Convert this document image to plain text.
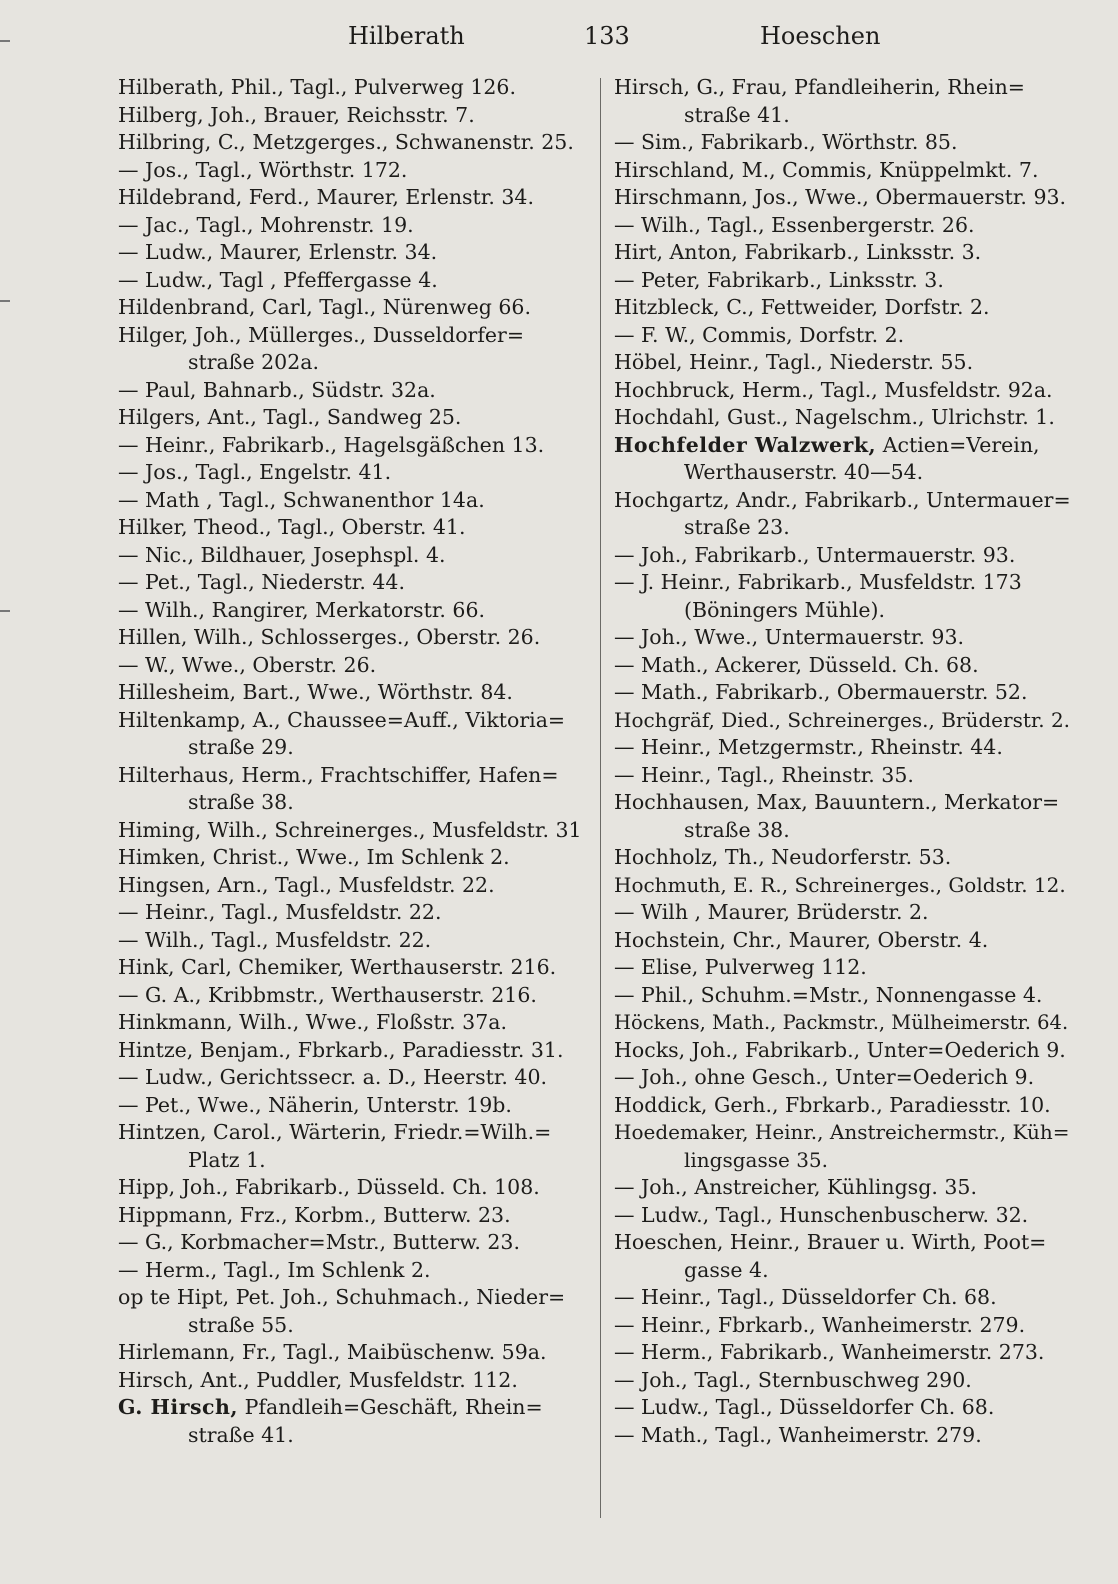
Hilberath	133	Hoeschen
Hilberath, Phil., Tagl., Pulverweg 126.
Hilberg, Joh., Brauer, Reichsstr. 7.
Hilbring, C., Metzgerges., Schwanenstr. 25.
— Jos., Tagl., Wörthstr. 172.
Hildebrand, Ferd., Maurer, Erlenstr. 34.
— Jac., Tagl., Mohrenstr. 19.
— Ludw., Maurer, Erlenstr. 34.
— Ludw., Tagl , Pfeffergasse 4.
Hildenbrand, Carl, Tagl., Nürenweg 66.
Hilger, Joh., Müllerges., Dusseldorfer=
straße 202a.
— Paul, Bahnarb., Südstr. 32a.
Hilgers, Ant., Tagl., Sandweg 25.
— Heinr., Fabrikarb., Hagelsgäßchen 13.
— Jos., Tagl., Engelstr. 41.
— Math , Tagl., Schwanenthor 14a.
Hilker, Theod., Tagl., Oberstr. 41.
— Nic., Bildhauer, Josephspl. 4.
— Pet., Tagl., Niederstr. 44.
— Wilh., Rangirer, Merkatorstr. 66.
Hillen, Wilh., Schlosserges., Oberstr. 26.
— W., Wwe., Oberstr. 26.
Hillesheim, Bart., Wwe., Wörthstr. 84.
Hiltenkamp, A., Chaussee=Auff., Viktoria=
straße 29.
Hilterhaus, Herm., Frachtschiffer, Hafen=
straße 38.
Himing, Wilh., Schreinerges., Musfeldstr. 31
Himken, Christ., Wwe., Im Schlenk 2.
Hingsen, Arn., Tagl., Musfeldstr. 22.
— Heinr., Tagl., Musfeldstr. 22.
— Wilh., Tagl., Musfeldstr. 22.
Hink, Carl, Chemiker, Werthauserstr. 216.
— G. A., Kribbmstr., Werthauserstr. 216.
Hinkmann, Wilh., Wwe., Floßstr. 37a.
Hintze, Benjam., Fbrkarb., Paradiesstr. 31.
— Ludw., Gerichtssecr. a. D., Heerstr. 40.
— Pet., Wwe., Näherin, Unterstr. 19b.
Hintzen, Carol., Wärterin, Friedr.=Wilh.=
Platz 1.
Hipp, Joh., Fabrikarb., Düsseld. Ch. 108.
Hippmann, Frz., Korbm., Butterw. 23.
— G., Korbmacher=Mstr., Butterw. 23.
— Herm., Tagl., Im Schlenk 2.
op te Hipt, Pet. Joh., Schuhmach., Nieder=
straße 55.
Hirlemann, Fr., Tagl., Maibüschenw. 59a.
Hirsch, Ant., Puddler, Musfeldstr. 112.
G. Hirsch, Pfandleih=Geschäft, Rhein=
straße 41.
Hirsch, G., Frau, Pfandleiherin, Rhein=
straße 41.
— Sim., Fabrikarb., Wörthstr. 85.
Hirschland, M., Commis, Knüppelmkt. 7.
Hirschmann, Jos., Wwe., Obermauerstr. 93.
— Wilh., Tagl., Essenbergerstr. 26.
Hirt, Anton, Fabrikarb., Linksstr. 3.
— Peter, Fabrikarb., Linksstr. 3.
Hitzbleck, C., Fettweider, Dorfstr. 2.
— F. W., Commis, Dorfstr. 2.
Höbel, Heinr., Tagl., Niederstr. 55.
Hochbruck, Herm., Tagl., Musfeldstr. 92a.
Hochdahl, Gust., Nagelschm., Ulrichstr. 1.
Hochfelder Walzwerk, Actien=Verein,
Werthauserstr. 40—54.
Hochgartz, Andr., Fabrikarb., Untermauer=
straße 23.
— Joh., Fabrikarb., Untermauerstr. 93.
— J. Heinr., Fabrikarb., Musfeldstr. 173
(Böningers Mühle).
— Joh., Wwe., Untermauerstr. 93.
— Math., Ackerer, Düsseld. Ch. 68.
— Math., Fabrikarb., Obermauerstr. 52.
Hochgräf, Died., Schreinerges., Brüderstr. 2.
— Heinr., Metzgermstr., Rheinstr. 44.
— Heinr., Tagl., Rheinstr. 35.
Hochhausen, Max, Bauuntern., Merkator=
straße 38.
Hochholz, Th., Neudorferstr. 53.
Hochmuth, E. R., Schreinerges., Goldstr. 12.
— Wilh , Maurer, Brüderstr. 2.
Hochstein, Chr., Maurer, Oberstr. 4.
— Elise, Pulverweg 112.
— Phil., Schuhm.=Mstr., Nonnengasse 4.
Höckens, Math., Packmstr., Mülheimerstr. 64.
Hocks, Joh., Fabrikarb., Unter=Oederich 9.
— Joh., ohne Gesch., Unter=Oederich 9.
Hoddick, Gerh., Fbrkarb., Paradiesstr. 10.
Hoedemaker, Heinr., Anstreichermstr., Küh=
lingsgasse 35.
— Joh., Anstreicher, Kühlingsg. 35.
— Ludw., Tagl., Hunschenbuscherw. 32.
Hoeschen, Heinr., Brauer u. Wirth, Poot=
gasse 4.
— Heinr., Tagl., Düsseldorfer Ch. 68.
— Heinr., Fbrkarb., Wanheimerstr. 279.
— Herm., Fabrikarb., Wanheimerstr. 273.
— Joh., Tagl., Sternbuschweg 290.
— Ludw., Tagl., Düsseldorfer Ch. 68.
— Math., Tagl., Wanheimerstr. 279.
